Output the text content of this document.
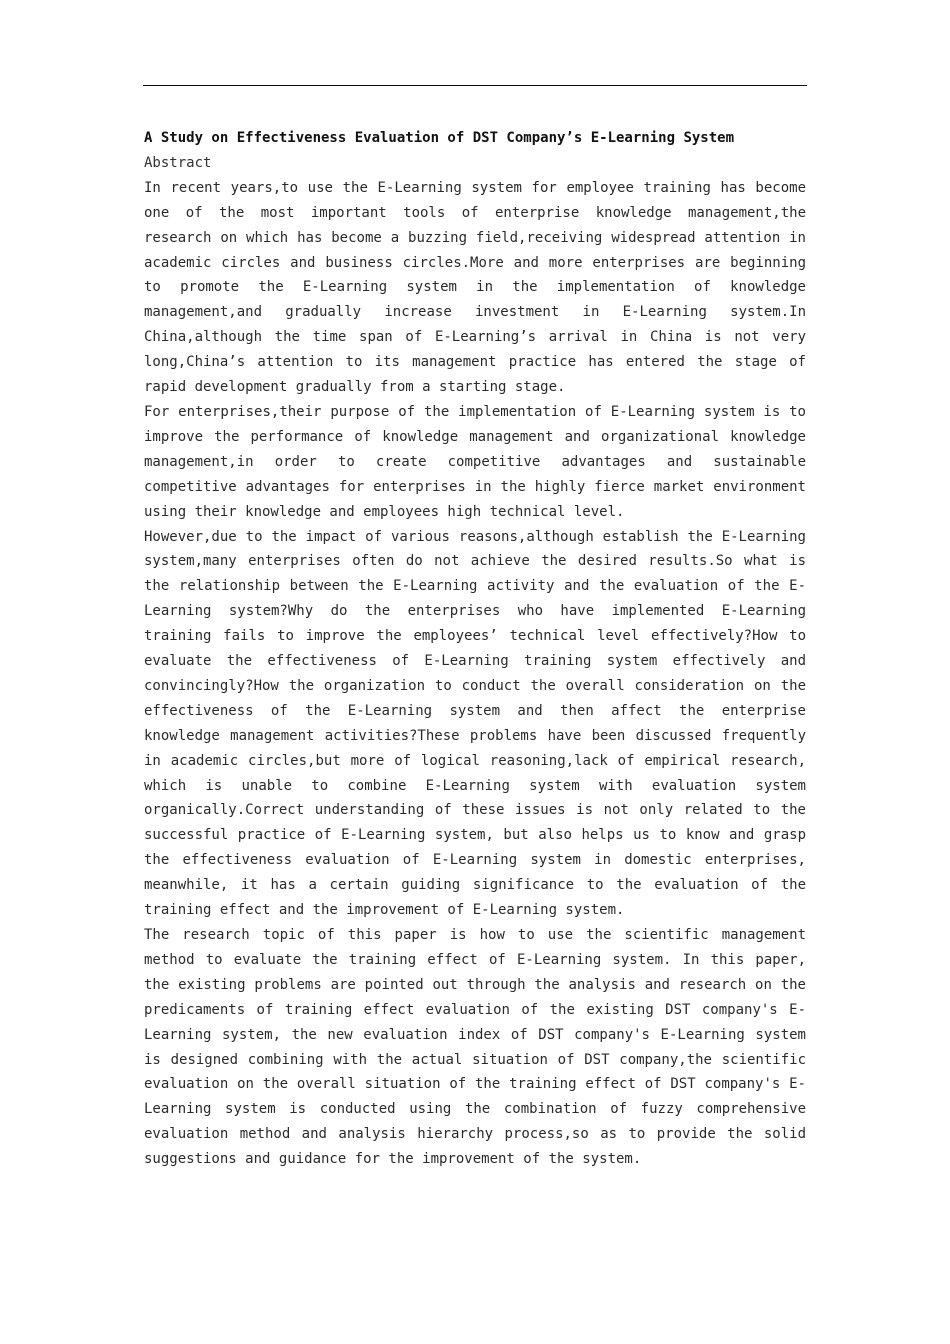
A Study on Effectiveness Evaluation of DST Company’s E-Learning System
Abstract

In recent years,to use the E-Learning system for employee training has become one of the most important tools of enterprise knowledge management,the research on which has become a buzzing field,receiving widespread attention in academic circles and business circles.More and more enterprises are beginning to promote the E-Learning system in the implementation of knowledge management,and gradually increase investment in E-Learning system.In China,although the time span of E-Learning’s arrival in China is not very long,China’s attention to its management practice has entered the stage of rapid development gradually from a starting stage.

For enterprises,their purpose of the implementation of E-Learning system is to improve the performance of knowledge management and organizational knowledge management,in order to create competitive advantages and sustainable competitive advantages for enterprises in the highly fierce market environment using their knowledge and employees high technical level.

However,due to the impact of various reasons,although establish the E-Learning system,many enterprises often do not achieve the desired results.So what is the relationship between the E-Learning activity and the evaluation of the E-Learning system?Why do the enterprises who have implemented E-Learning training fails to improve the employees’ technical level effectively?How to evaluate the effectiveness of E-Learning training system effectively and convincingly?How the organization to conduct the overall consideration on the effectiveness of the E-Learning system and then affect the enterprise knowledge management activities?These problems have been discussed frequently in academic circles,but more of logical reasoning,lack of empirical research, which is unable to combine E-Learning system with evaluation system organically.Correct understanding of these issues is not only related to the successful practice of E-Learning system, but also helps us to know and grasp the effectiveness evaluation of E-Learning system in domestic enterprises, meanwhile, it has a certain guiding significance to the evaluation of the training effect and the improvement of E-Learning system.

The research topic of this paper is how to use the scientific management method to evaluate the training effect of E-Learning system. In this paper, the existing problems are pointed out through the analysis and research on the predicaments of training effect evaluation of the existing DST company's E-Learning system, the new evaluation index of DST company's E-Learning system is designed combining with the actual situation of DST company,the scientific evaluation on the overall situation of the training effect of DST company's E-Learning system is conducted using the combination of fuzzy comprehensive evaluation method and analysis hierarchy process,so as to provide the solid suggestions and guidance for the improvement of the system.
